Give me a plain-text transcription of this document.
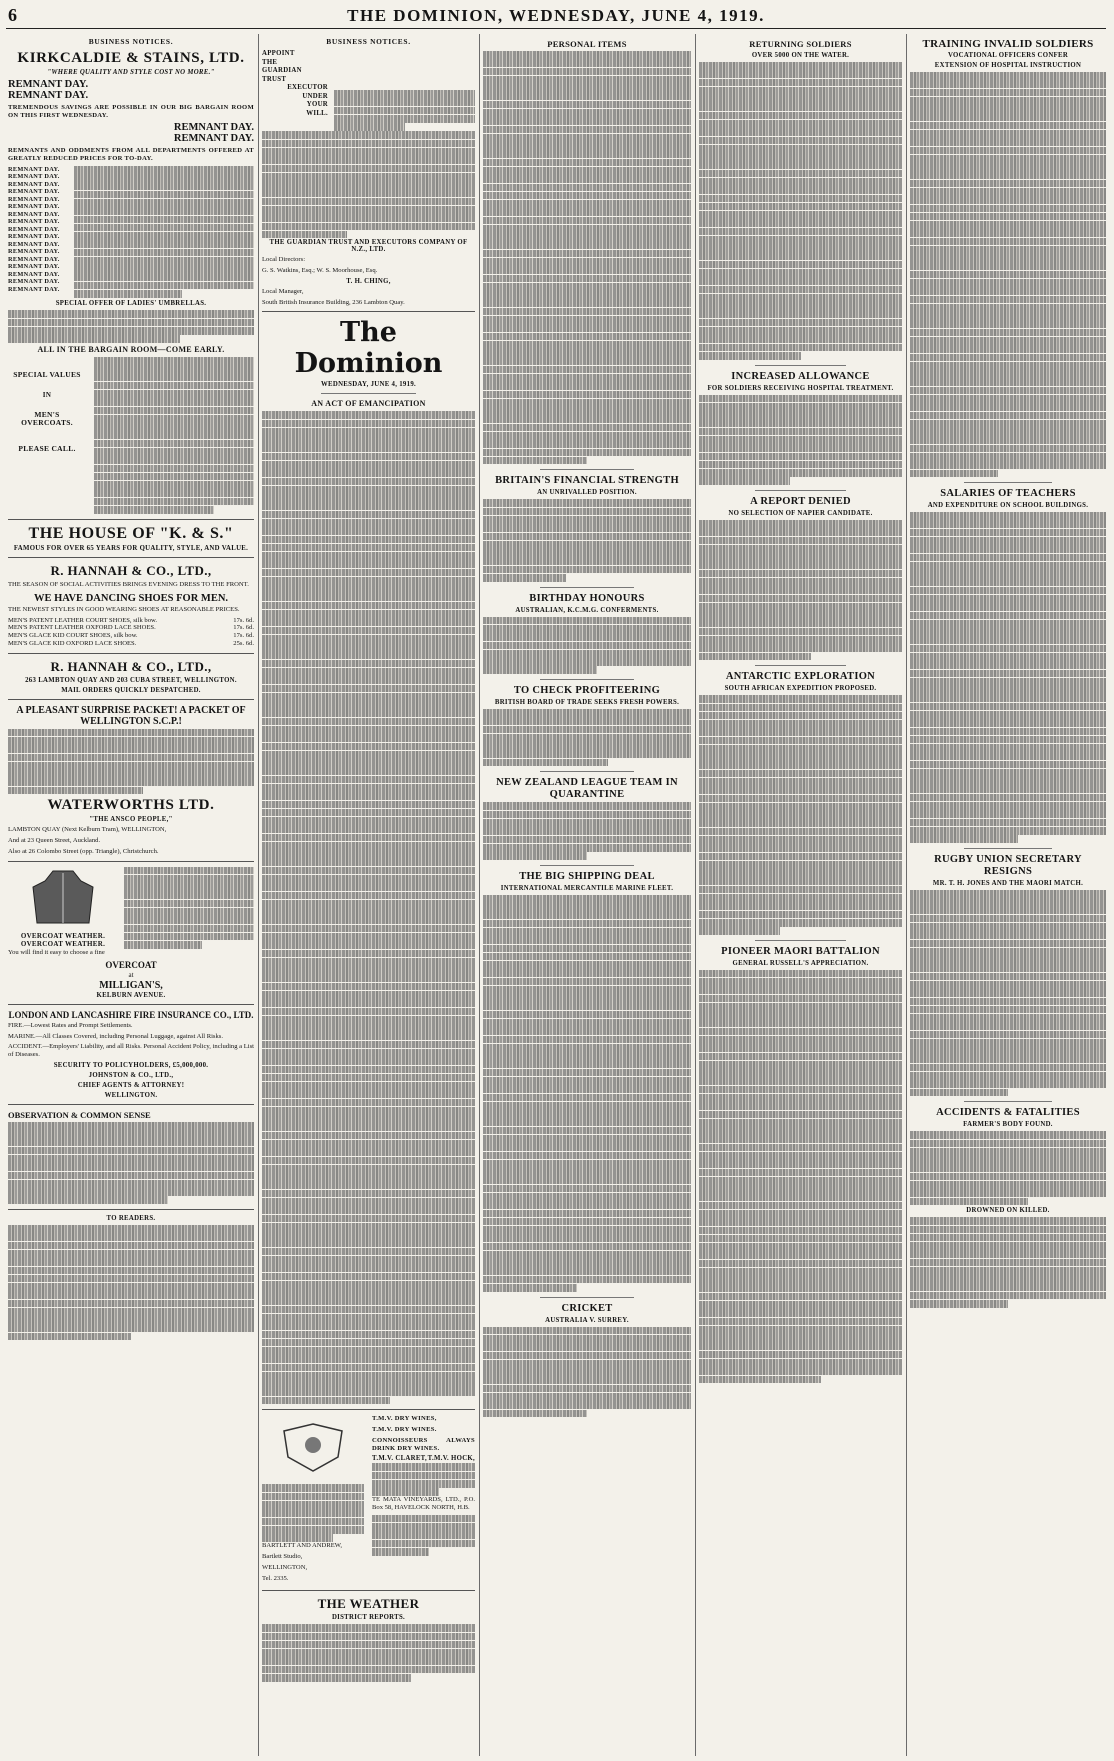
6	THE DOMINION, WEDNESDAY, JUNE 4, 1919.
BUSINESS NOTICES.
KIRKCALDIE & STAINS, LTD.
"WHERE QUALITY AND STYLE COST NO MORE."
REMNANT DAY.
REMNANT DAY.

TREMENDOUS SAVINGS ARE POSSIBLE IN OUR BIG BARGAIN ROOM ON THIS FIRST WEDNESDAY.

REMNANT DAY.
REMNANT DAY.

REMNANTS AND ODDMENTS FROM ALL DEPARTMENTS OFFERED AT GREATLY REDUCED PRICES FOR TO-DAY.

REMNANT DAY.
REMNANT DAY.
REMNANT DAY.
REMNANT DAY.
REMNANT DAY.
REMNANT DAY.
REMNANT DAY.
REMNANT DAY.
REMNANT DAY.
REMNANT DAY.
REMNANT DAY.
REMNANT DAY.
REMNANT DAY.
REMNANT DAY.
REMNANT DAY.
REMNANT DAY.
REMNANT DAY.
SPECIAL OFFER OF LADIES' UMBRELLAS.
ALL IN THE BARGAIN ROOM—COME EARLY.
SPECIAL VALUES
IN
MEN'S OVERCOATS.
PLEASE CALL.
THE HOUSE OF "K. & S."
FAMOUS FOR OVER 65 YEARS FOR QUALITY, STYLE, AND VALUE.
R. HANNAH & CO., LTD.,

THE SEASON OF SOCIAL ACTIVITIES BRINGS EVENING DRESS TO THE FRONT.

WE HAVE DANCING SHOES FOR MEN.

THE NEWEST STYLES IN GOOD WEARING SHOES AT REASONABLE PRICES.

MEN'S PATENT LEATHER COURT SHOES, silk bow.	17s. 6d.
MEN'S PATENT LEATHER OXFORD LACE SHOES.	17s. 6d.
MEN'S GLACE KID COURT SHOES, silk bow.	17s. 6d.
MEN'S GLACE KID OXFORD LACE SHOES.	25s. 6d.
R. HANNAH & CO., LTD.,
263 LAMBTON QUAY AND 203 CUBA STREET, WELLINGTON.
MAIL ORDERS QUICKLY DESPATCHED.
A PLEASANT SURPRISE PACKET! A PACKET OF WELLINGTON S.C.P.!
WATERWORTHS LTD.
"THE ANSCO PEOPLE,"

LAMBTON QUAY (Next Kelburn Tram), WELLINGTON,

And at 23 Queen Street, Auckland.

Also at 26 Colombo Street (opp. Triangle), Christchurch.

OVERCOAT WEATHER.
OVERCOAT WEATHER.

You will find it easy to choose a fine

OVERCOAT
at
MILLIGAN'S,
KELBURN AVENUE.
LONDON AND LANCASHIRE FIRE INSURANCE CO., LTD.

FIRE.—Lowest Rates and Prompt Settlements.

MARINE.—All Classes Covered, including Personal Luggage, against All Risks.

ACCIDENT.—Employers' Liability, and all Risks. Personal Accident Policy, including a List of Diseases.

SECURITY TO POLICYHOLDERS, £5,000,000.
JOHNSTON & CO., LTD.,
CHIEF AGENTS & ATTORNEY!
WELLINGTON.
OBSERVATION & COMMON SENSE
TO READERS.
BUSINESS NOTICES.
APPOINT
THE
GUARDIAN
TRUST
EXECUTOR
UNDER
YOUR
WILL.
THE GUARDIAN TRUST AND EXECUTORS COMPANY OF N.Z., LTD.

Local Directors:

G. S. Watkins, Esq.; W. S. Moorhouse, Esq.

T. H. CHING,

Local Manager,

South British Insurance Building, 236 Lambton Quay.

The Dominion
WEDNESDAY, JUNE 4, 1919.
AN ACT OF EMANCIPATION

BARTLETT AND ANDREW,

Bartlett Studio,

WELLINGTON,

Tel. 2335.

T.M.V. DRY WINES,

T.M.V. DRY WINES.

CONNOISSEURS ALWAYS DRINK DRY WINES.

T.M.V. CLARET, T.M.V. HOCK,

TE MATA VINEYARDS, LTD., P.O. Box 58, HAVELOCK NORTH, H.B.

THE WEATHER
DISTRICT REPORTS.
PERSONAL ITEMS
BRITAIN'S FINANCIAL STRENGTH
AN UNRIVALLED POSITION.
BIRTHDAY HONOURS
AUSTRALIAN, K.C.M.G. CONFERMENTS.
TO CHECK PROFITEERING
BRITISH BOARD OF TRADE SEEKS FRESH POWERS.
NEW ZEALAND LEAGUE TEAM IN QUARANTINE
THE BIG SHIPPING DEAL
INTERNATIONAL MERCANTILE MARINE FLEET.
CRICKET
AUSTRALIA V. SURREY.
RETURNING SOLDIERS
OVER 5000 ON THE WATER.
INCREASED ALLOWANCE
FOR SOLDIERS RECEIVING HOSPITAL TREATMENT.
A REPORT DENIED
NO SELECTION OF NAPIER CANDIDATE.
ANTARCTIC EXPLORATION
SOUTH AFRICAN EXPEDITION PROPOSED.
PIONEER MAORI BATTALION
GENERAL RUSSELL'S APPRECIATION.
TRAINING INVALID SOLDIERS
VOCATIONAL OFFICERS CONFER
EXTENSION OF HOSPITAL INSTRUCTION
SALARIES OF TEACHERS
AND EXPENDITURE ON SCHOOL BUILDINGS.
RUGBY UNION SECRETARY RESIGNS
MR. T. H. JONES AND THE MAORI MATCH.
ACCIDENTS & FATALITIES
FARMER'S BODY FOUND.
DROWNED ON KILLED.
